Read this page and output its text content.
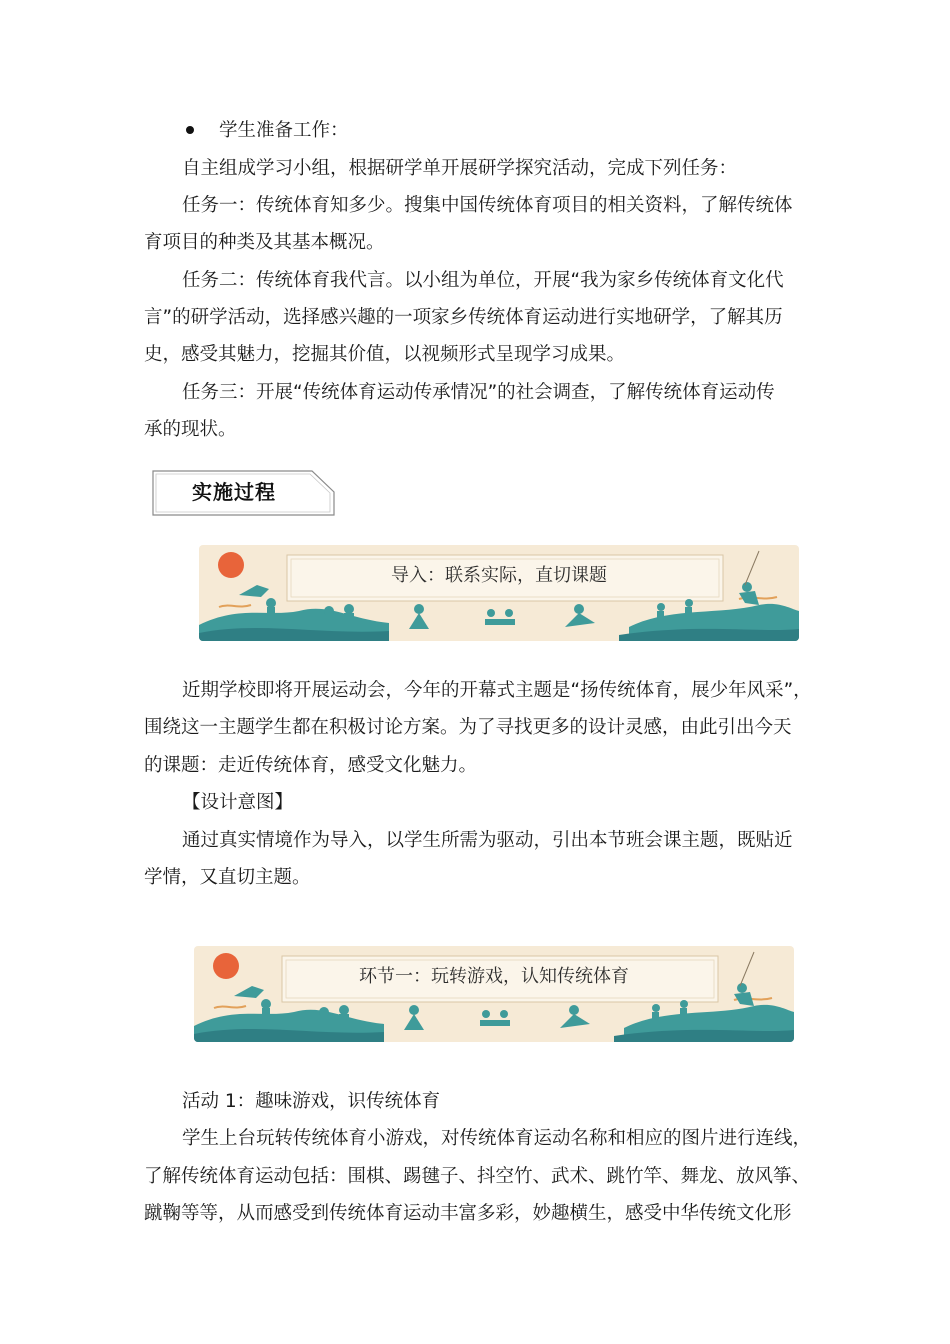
学生准备工作：
自主组成学习小组，根据研学单开展研学探究活动，完成下列任务：
任务一：传统体育知多少。搜集中国传统体育项目的相关资料，了解传统体
育项目的种类及其基本概况。
任务二：传统体育我代言。以小组为单位，开展“我为家乡传统体育文化代
言”的研学活动，选择感兴趣的一项家乡传统体育运动进行实地研学，了解其历
史，感受其魅力，挖掘其价值，以视频形式呈现学习成果。
任务三：开展“传统体育运动传承情况”的社会调查，了解传统体育运动传
承的现状。
实施过程
导入：联系实际，直切课题
近期学校即将开展运动会，今年的开幕式主题是“扬传统体育，展少年风采”，
围绕这一主题学生都在积极讨论方案。为了寻找更多的设计灵感，由此引出今天
的课题：走近传统体育，感受文化魅力。
【设计意图】
通过真实情境作为导入，以学生所需为驱动，引出本节班会课主题，既贴近
学情，又直切主题。
环节一：玩转游戏，认知传统体育
活动 1：趣味游戏，识传统体育
学生上台玩转传统体育小游戏，对传统体育运动名称和相应的图片进行连线，
了解传统体育运动包括：围棋、踢毽子、抖空竹、武术、跳竹竿、舞龙、放风筝、
蹴鞠等等，从而感受到传统体育运动丰富多彩，妙趣横生，感受中华传统文化形
